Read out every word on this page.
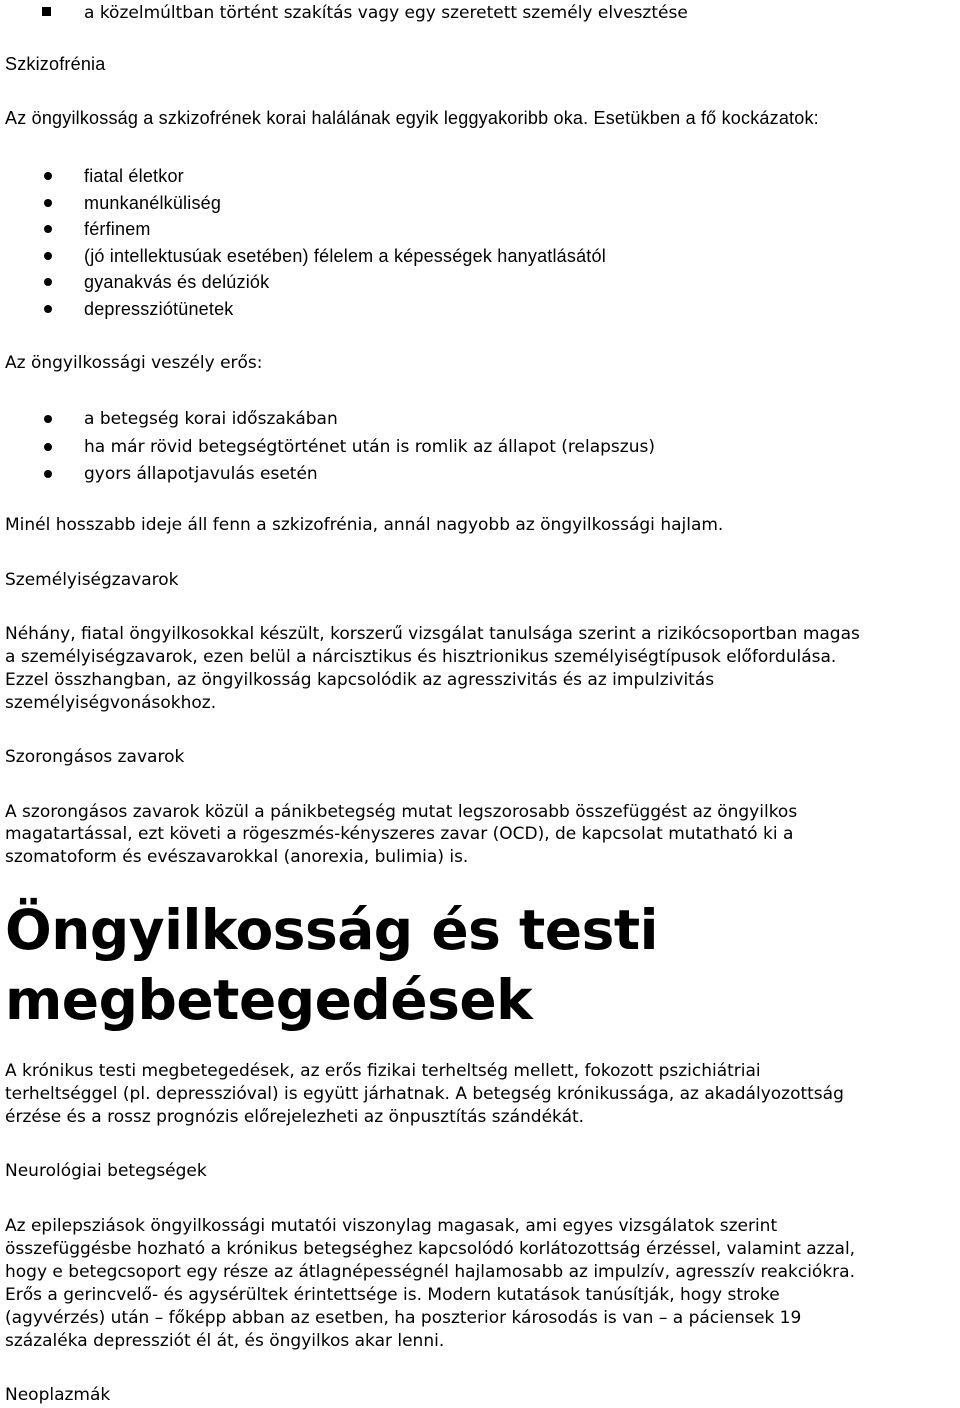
a közelmúltban történt szakítás vagy egy szeretett személy elvesztése

Szkizofrénia

Az öngyilkosság a szkizofrének korai halálának egyik leggyakoribb oka. Esetükben a fő kockázatok:

fiatal életkor
munkanélküliség
férfinem
(jó intellektusúak esetében) félelem a képességek hanyatlásától
gyanakvás és delúziók
depressziótünetek

Az öngyilkossági veszély erős:

a betegség korai időszakában
ha már rövid betegségtörténet után is romlik az állapot (relapszus)
gyors állapotjavulás esetén

Minél hosszabb ideje áll fenn a szkizofrénia, annál nagyobb az öngyilkossági hajlam.

Személyiségzavarok

Néhány, fiatal öngyilkosokkal készült, korszerű vizsgálat tanulsága szerint a rizikócsoportban magas

a személyiségzavarok, ezen belül a nárcisztikus és hisztrionikus személyiségtípusok előfordulása.

Ezzel összhangban, az öngyilkosság kapcsolódik az agresszivitás és az impulzivitás

személyiségvonásokhoz.

Szorongásos zavarok

A szorongásos zavarok közül a pánikbetegség mutat legszorosabb összefüggést az öngyilkos

magatartással, ezt követi a rögeszmés-kényszeres zavar (OCD), de kapcsolat mutatható ki a

szomatoform és evészavarokkal (anorexia, bulimia) is.

Öngyilkosság és testi
megbetegedések

A krónikus testi megbetegedések, az erős fizikai terheltség mellett, fokozott pszichiátriai

terheltséggel (pl. depresszióval) is együtt járhatnak. A betegség krónikussága, az akadályozottság

érzése és a rossz prognózis előrejelezheti az önpusztítás szándékát.

Neurológiai betegségek

Az epilepsziások öngyilkossági mutatói viszonylag magasak, ami egyes vizsgálatok szerint

összefüggésbe hozható a krónikus betegséghez kapcsolódó korlátozottság érzéssel, valamint azzal,

hogy e betegcsoport egy része az átlagnépességnél hajlamosabb az impulzív, agresszív reakciókra.

Erős a gerincvelő- és agysérültek érintettsége is. Modern kutatások tanúsítják, hogy stroke

(agyvérzés) után – főképp abban az esetben, ha poszterior károsodás is van – a páciensek 19

százaléka depressziót él át, és öngyilkos akar lenni.

Neoplazmák
